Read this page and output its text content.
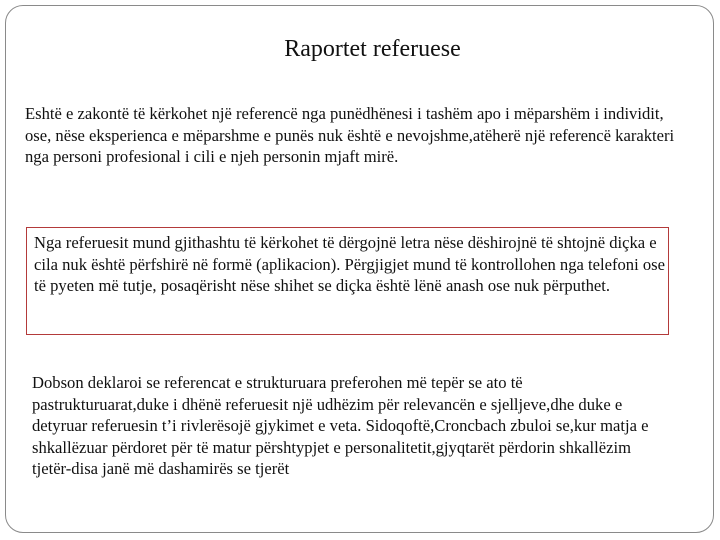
Raportet referuese

Eshtë e zakontë të kërkohet një referencë nga punëdhënesi i tashëm apo i mëparshëm i individit, ose, nëse eksperienca e mëparshme e punës nuk është e nevojshme,atëherë një referencë karakteri nga personi profesional i cili e njeh personin mjaft mirë.

Nga referuesit mund gjithashtu të kërkohet të dërgojnë letra nëse dëshirojnë të shtojnë diçka e cila nuk është përfshirë në formë (aplikacion). Përgjigjet mund të kontrollohen nga telefoni ose të pyeten më tutje, posaqërisht nëse shihet se diçka është lënë anash ose nuk përputhet.

Dobson deklaroi se referencat e strukturuara preferohen më tepër se ato të pastrukturuarat,duke i dhënë referuesit një udhëzim për relevancën e sjelljeve,dhe duke e detyruar referuesin t’i rivlerësojë gjykimet e veta. Sidoqoftë,Croncbach zbuloi se,kur matja e shkallëzuar përdoret për të matur përshtypjet e personalitetit,gjyqtarët përdorin shkallëzim tjetër-disa janë më dashamirës se tjerët
